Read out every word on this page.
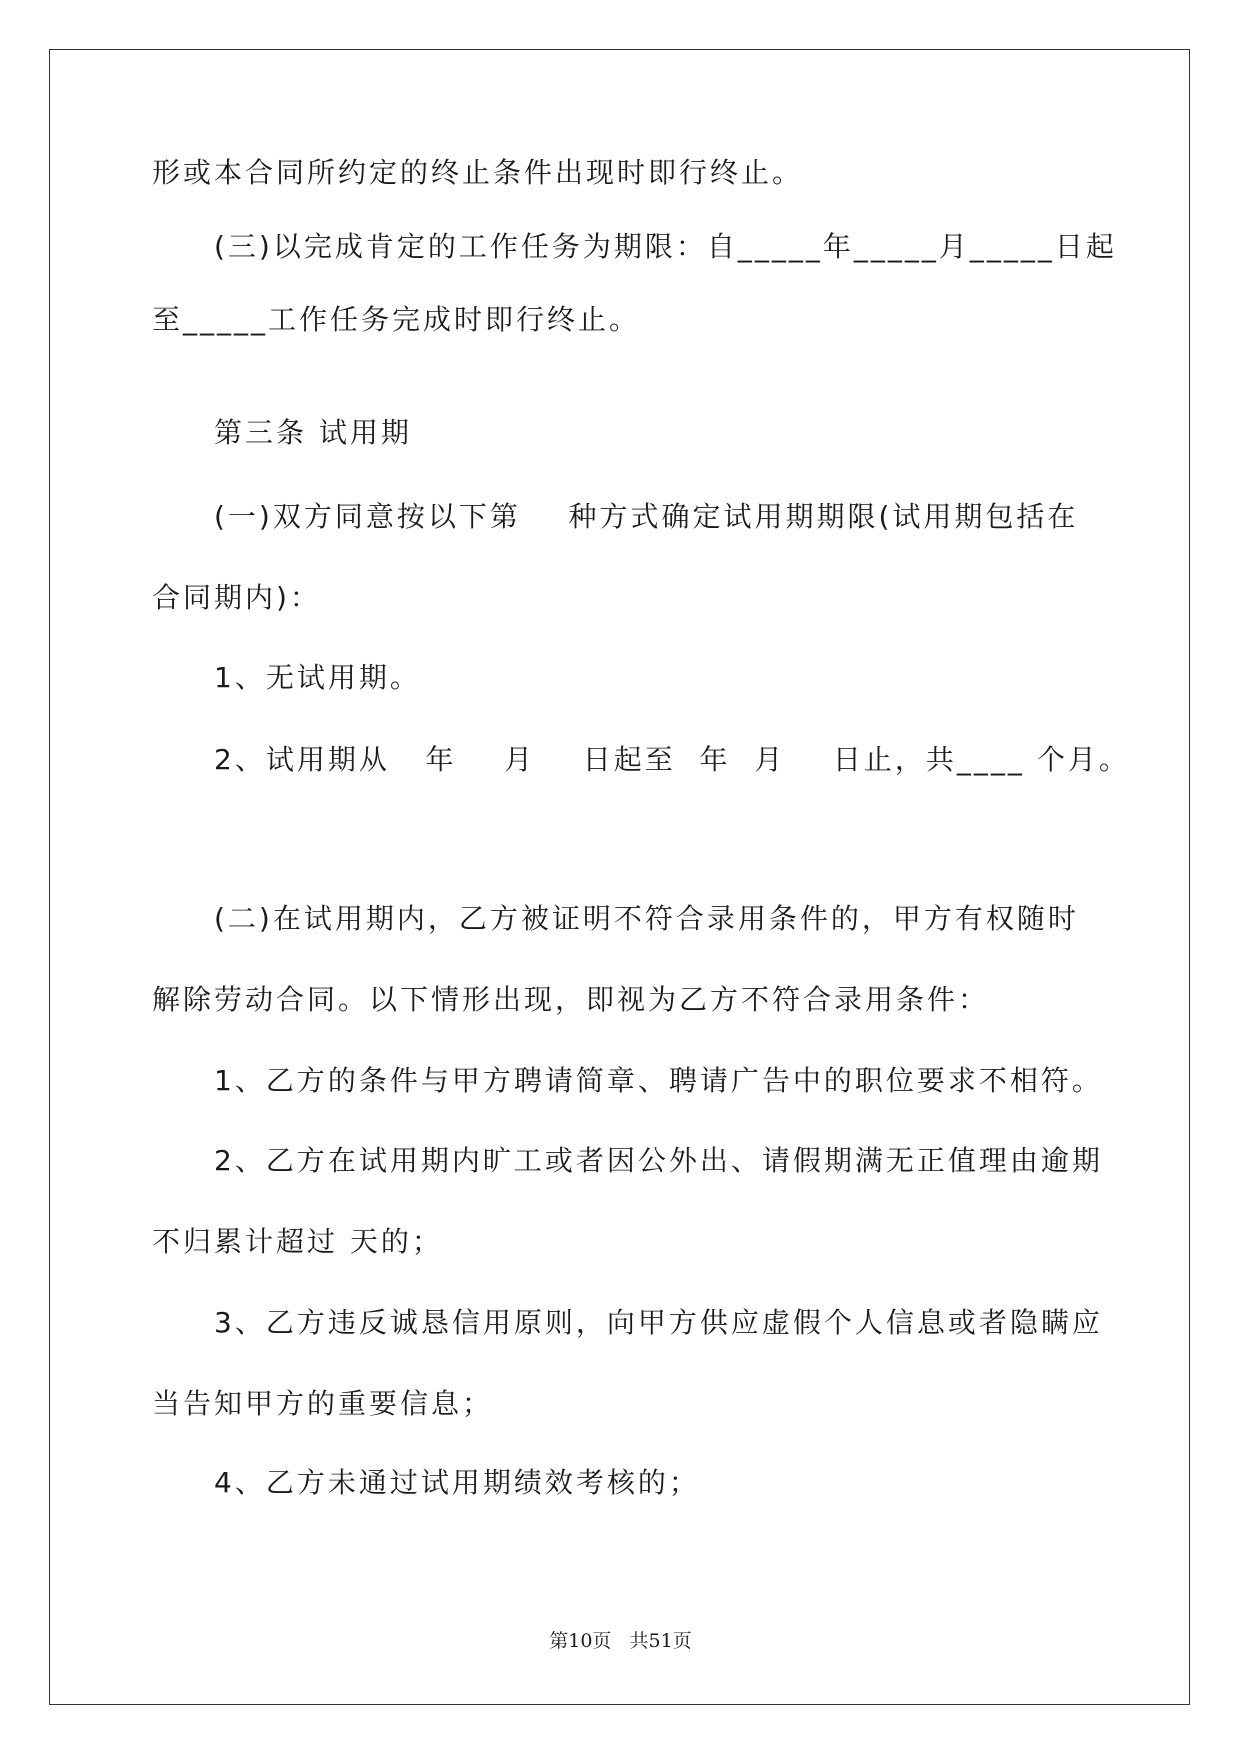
形或本合同所约定的终止条件出现时即行终止。
(三)以完成肯定的工作任务为期限：自_____年_____月_____日起
至_____工作任务完成时即行终止。
第三条 试用期
(一)双方同意按以下第    种方式确定试用期期限(试用期包括在
合同期内)：
1、无试用期。
2、试用期从   年    月    日起至  年  月    日止，共____ 个月。
(二)在试用期内，乙方被证明不符合录用条件的，甲方有权随时
解除劳动合同。以下情形出现，即视为乙方不符合录用条件：
1、乙方的条件与甲方聘请简章、聘请广告中的职位要求不相符。
2、乙方在试用期内旷工或者因公外出、请假期满无正值理由逾期
不归累计超过 天的；
3、乙方违反诚恳信用原则，向甲方供应虚假个人信息或者隐瞒应
当告知甲方的重要信息；
4、乙方未通过试用期绩效考核的；
第10页   共51页
